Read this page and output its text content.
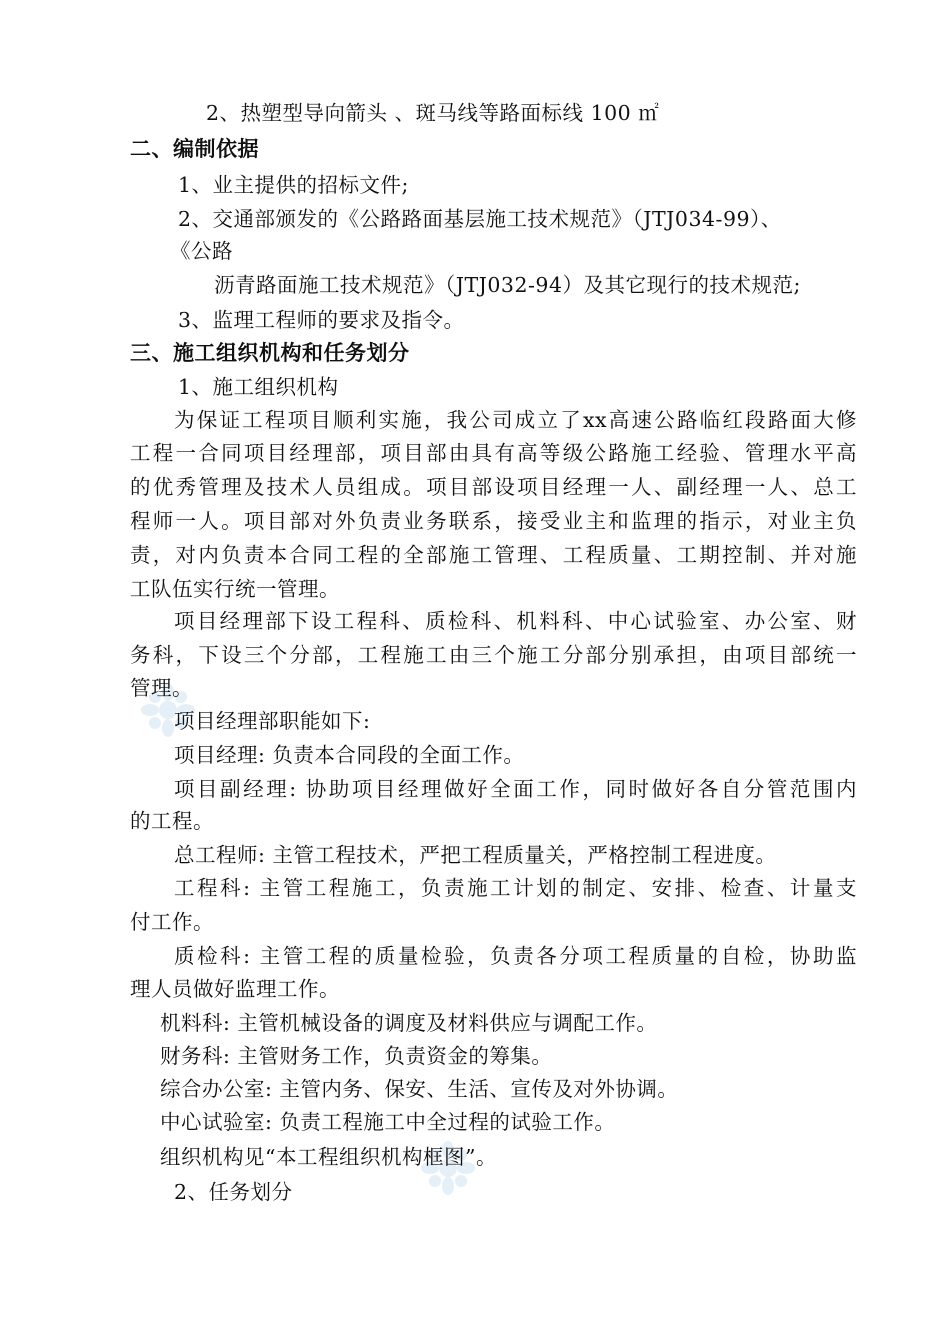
2、热塑型导向箭头 、斑马线等路面标线 100 ㎡
二、编制依据
1、业主提供的招标文件;
2、交通部颁发的《公路路面基层施工技术规范》（JTJ034-99）、
《公路
沥青路面施工技术规范》（JTJ032-94）及其它现行的技术规范;
3、监理工程师的要求及指令。
三、施工组织机构和任务划分
1、施工组织机构
为保证工程项目顺利实施，我公司成立了xx高速公路临红段路面大修
工程一合同项目经理部，项目部由具有高等级公路施工经验、管理水平高
的优秀管理及技术人员组成。项目部设项目经理一人、副经理一人、总工
程师一人。项目部对外负责业务联系，接受业主和监理的指示，对业主负
责，对内负责本合同工程的全部施工管理、工程质量、工期控制、并对施
工队伍实行统一管理。
项目经理部下设工程科、质检科、机料科、中心试验室、办公室、财
务科，下设三个分部，工程施工由三个施工分部分别承担，由项目部统一
管理。
项目经理部职能如下:
项目经理: 负责本合同段的全面工作。
项目副经理: 协助项目经理做好全面工作，同时做好各自分管范围内
的工程。
总工程师: 主管工程技术，严把工程质量关，严格控制工程进度。
工程科: 主管工程施工，负责施工计划的制定、安排、检查、计量支
付工作。
质检科: 主管工程的质量检验，负责各分项工程质量的自检，协助监
理人员做好监理工作。
机料科: 主管机械设备的调度及材料供应与调配工作。
财务科: 主管财务工作，负责资金的筹集。
综合办公室: 主管内务、保安、生活、宣传及对外协调。
中心试验室: 负责工程施工中全过程的试验工作。
组织机构见“本工程组织机构框图”。
2、任务划分
